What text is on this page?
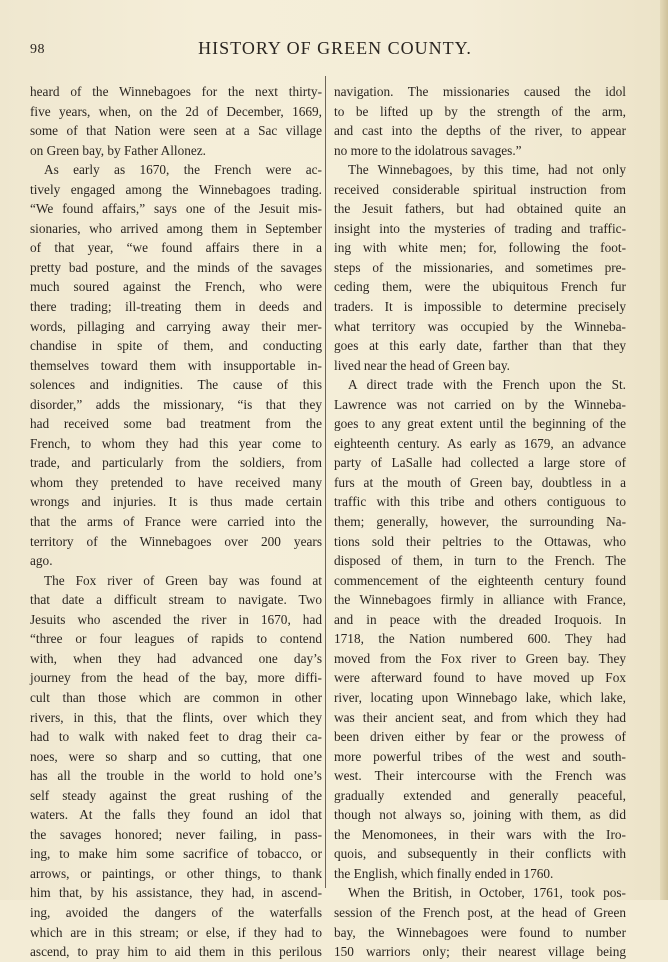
98	HISTORY OF GREEN COUNTY.
heard of the Winnebagoes for the next thirty-
five years, when, on the 2d of December, 1669,
some of that Nation were seen at a Sac village
on Green bay, by Father Allonez.
As early as 1670, the French were ac-
tively engaged among the Winnebagoes trading.
“We found affairs,” says one of the Jesuit mis-
sionaries, who arrived among them in September
of that year, “we found affairs there in a
pretty bad posture, and the minds of the savages
much soured against the French, who were
there trading; ill-treating them in deeds and
words, pillaging and carrying away their mer-
chandise in spite of them, and conducting
themselves toward them with insupportable in-
solences and indignities. The cause of this
disorder,” adds the missionary, “is that they
had received some bad treatment from the
French, to whom they had this year come to
trade, and particularly from the soldiers, from
whom they pretended to have received many
wrongs and injuries. It is thus made certain
that the arms of France were carried into the
territory of the Winnebagoes over 200 years
ago.
The Fox river of Green bay was found at
that date a difficult stream to navigate. Two
Jesuits who ascended the river in 1670, had
“three or four leagues of rapids to contend
with, when they had advanced one day’s
journey from the head of the bay, more diffi-
cult than those which are common in other
rivers, in this, that the flints, over which they
had to walk with naked feet to drag their ca-
noes, were so sharp and so cutting, that one
has all the trouble in the world to hold one’s
self steady against the great rushing of the
waters. At the falls they found an idol that
the savages honored; never failing, in pass-
ing, to make him some sacrifice of tobacco, or
arrows, or paintings, or other things, to thank
him that, by his assistance, they had, in ascend-
ing, avoided the dangers of the waterfalls
which are in this stream; or else, if they had to
ascend, to pray him to aid them in this perilous
navigation. The missionaries caused the idol
to be lifted up by the strength of the arm,
and cast into the depths of the river, to appear
no more to the idolatrous savages.”
The Winnebagoes, by this time, had not only
received considerable spiritual instruction from
the Jesuit fathers, but had obtained quite an
insight into the mysteries of trading and traffic-
ing with white men; for, following the foot-
steps of the missionaries, and sometimes pre-
ceding them, were the ubiquitous French fur
traders. It is impossible to determine precisely
what territory was occupied by the Winneba-
goes at this early date, farther than that they
lived near the head of Green bay.
A direct trade with the French upon the St.
Lawrence was not carried on by the Winneba-
goes to any great extent until the beginning of the
eighteenth century. As early as 1679, an advance
party of LaSalle had collected a large store of
furs at the mouth of Green bay, doubtless in a
traffic with this tribe and others contiguous to
them; generally, however, the surrounding Na-
tions sold their peltries to the Ottawas, who
disposed of them, in turn to the French. The
commencement of the eighteenth century found
the Winnebagoes firmly in alliance with France,
and in peace with the dreaded Iroquois. In
1718, the Nation numbered 600. They had
moved from the Fox river to Green bay. They
were afterward found to have moved up Fox
river, locating upon Winnebago lake, which lake,
was their ancient seat, and from which they had
been driven either by fear or the prowess of
more powerful tribes of the west and south-
west. Their intercourse with the French was
gradually extended and generally peaceful,
though not always so, joining with them, as did
the Menomonees, in their wars with the Iro-
quois, and subsequently in their conflicts with
the English, which finally ended in 1760.
When the British, in October, 1761, took pos-
session of the French post, at the head of Green
bay, the Winnebagoes were found to number
150 warriors only; their nearest village being
